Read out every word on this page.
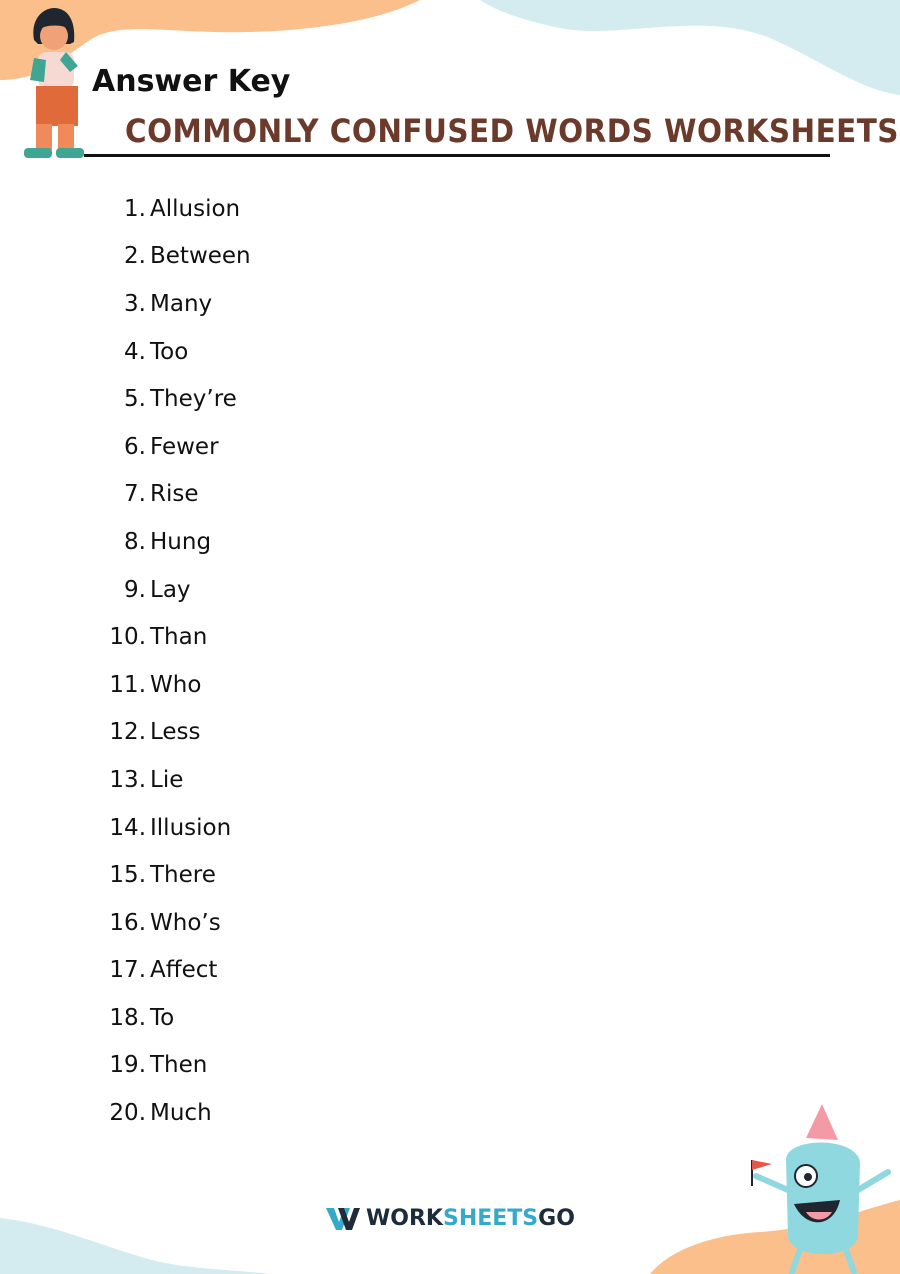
Answer Key
COMMONLY CONFUSED WORDS WORKSHEETS
1. Allusion
2. Between
3. Many
4. Too
5. They’re
6. Fewer
7. Rise
8. Hung
9. Lay
10. Than
11. Who
12. Less
13. Lie
14. Illusion
15. There
16. Who’s
17. Affect
18. To
19. Then
20. Much
WORKSHEETSGO
